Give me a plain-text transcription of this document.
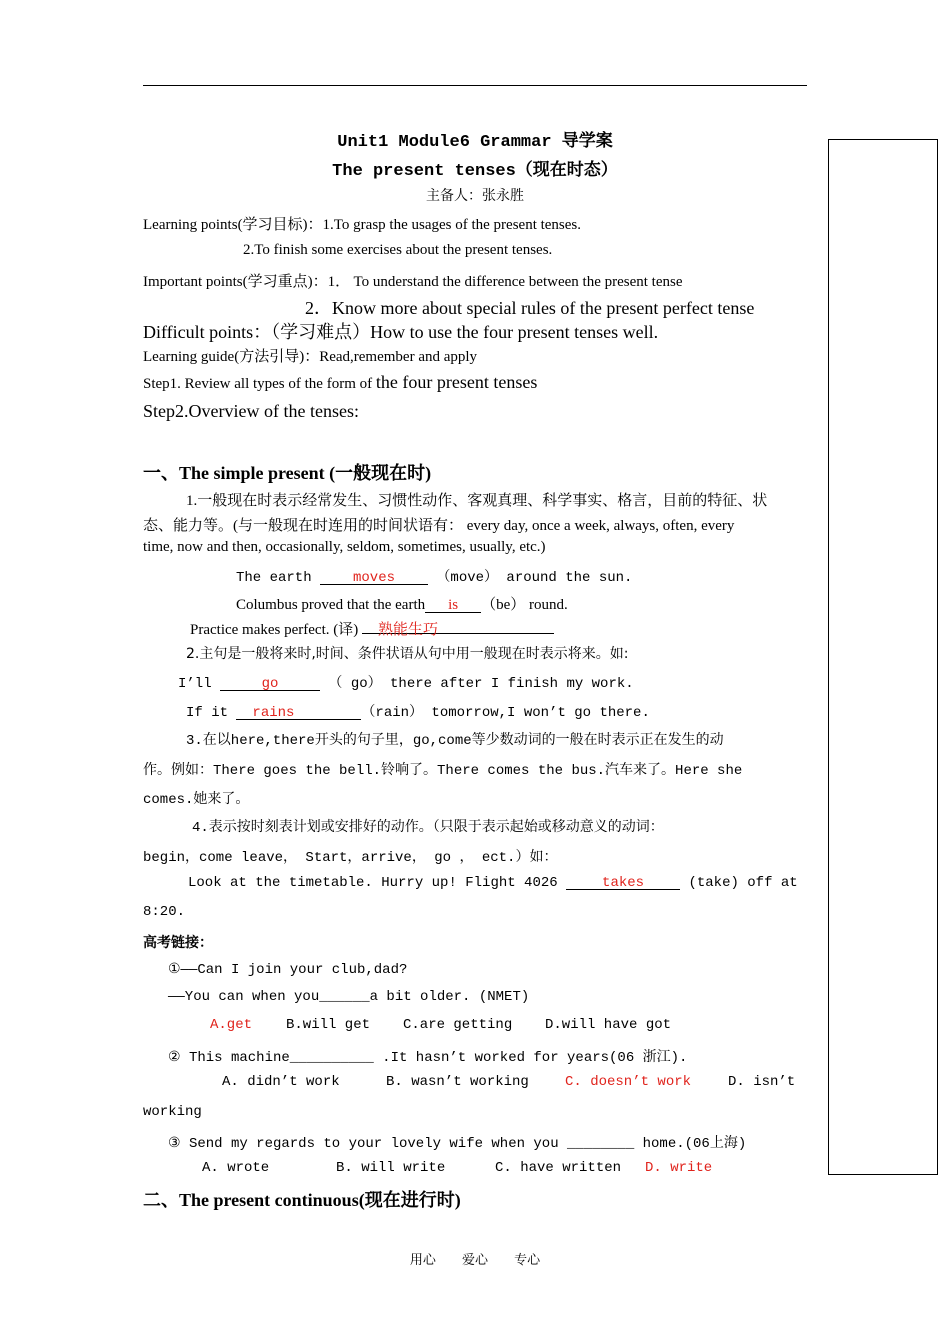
Unit1 Module6 Grammar 导学案
The present tenses（现在时态）
主备人：张永胜
Learning points(学习目标)：1.To grasp the usages of the present tenses.
2.To finish some exercises about the present tenses.
Important points(学习重点)：1． To understand the difference between the present tense
2．Know more about special rules of the present perfect tense
Difficult points：（学习难点）How to use the four present tenses well.
Learning guide(方法引导)：Read,remember and apply
Step1. Review all types of the form of the four present tenses
Step2.Overview of the tenses:
一、The simple present (一般现在时)
1.一般现在时表示经常发生、习惯性动作、客观真理、科学事实、格言，目前的特征、状
态、能力等。(与一般现在时连用的时间状语有： every day, once a week, always, often, every
time, now and then, occasionally, seldom, sometimes, usually, etc.)
The earth moves （move） around the sun.
Columbus proved that the earth is （be） round.
Practice makes perfect. (译) 熟能生巧
2.主句是一般将来时,时间、条件状语从句中用一般现在时表示将来。如:
I’ll	go	（ go） there after I finish my work.
If it rains	（rain） tomorrow,I won’t go there.
3.在以here,there开头的句子里，go,come等少数动词的一般在时表示正在发生的动
作。例如：There goes the bell.铃响了。There comes the bus.汽车来了。Here she
comes.她来了。
4.表示按时刻表计划或安排好的动作。（只限于表示起始或移动意义的动词：
begin，come leave， Start，arrive， go ， ect.）如：
Look at the timetable. Hurry up! Flight 4026	takes	(take) off at
8:20.
高考链接：
①——Can I join your club,dad?
——You can when you______a bit older. (NMET)
A.get B.will get C.are getting D.will have got
② This machine__________ .It hasn’t worked for years(06 浙江).
A. didn’t work	B. wasn’t working	C. doesn’t work	D. isn’t
working
③ Send my regards to your lovely wife when you ________ home.(06上海)
A. wrote	B. will write	C. have written D. write
二、The present continuous(现在进行时)
用心 爱心 专心
